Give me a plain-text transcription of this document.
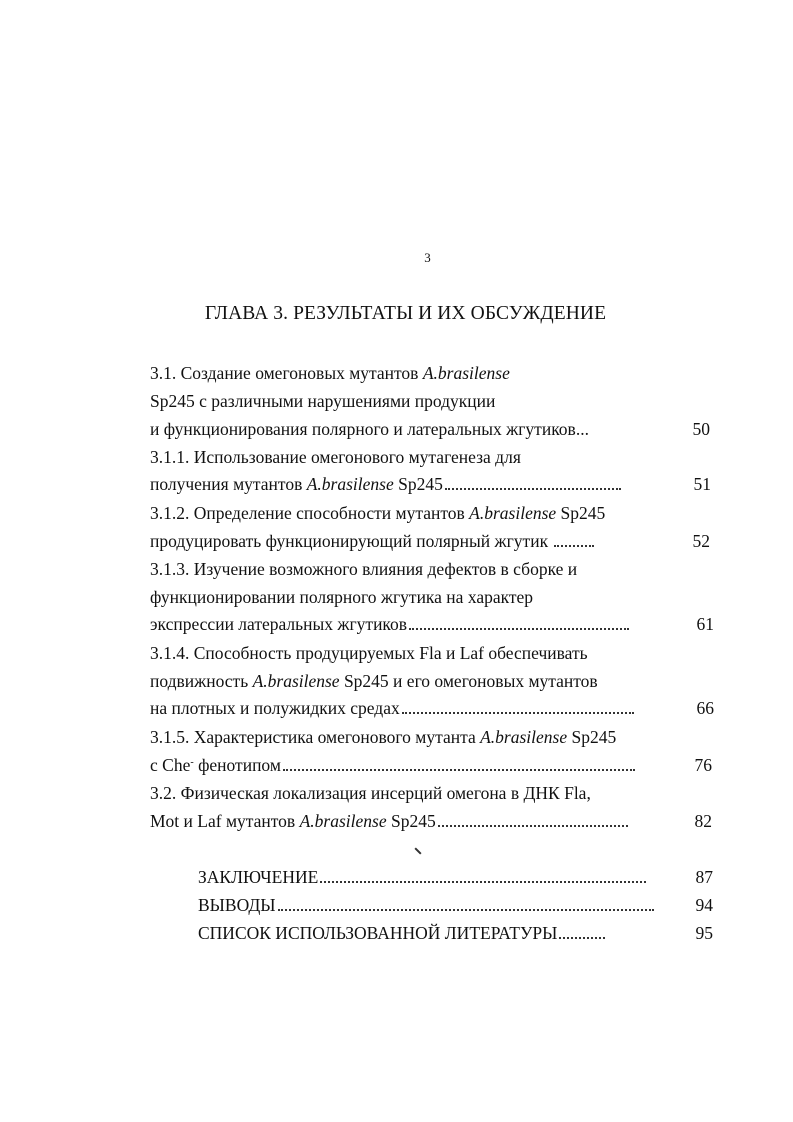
3
ГЛАВА 3. РЕЗУЛЬТАТЫ И ИХ ОБСУЖДЕНИЕ
3.1. Создание омегоновых мутантов A.brasilense
Sp245 с различными нарушениями продукции
и функционирования полярного и латеральных жгутиков...	50
3.1.1. Использование омегонового мутагенеза для
получения мутантов A.brasilense Sp245	51
3.1.2. Определение способности мутантов A.brasilense Sp245
продуцировать функционирующий полярный жгутик	52
3.1.3. Изучение возможного влияния дефектов в сборке и
функционировании полярного жгутика на характер
экспрессии латеральных жгутиков	61
3.1.4. Способность продуцируемых Fla и Laf обеспечивать
подвижность A.brasilense Sp245 и его омегоновых мутантов
на плотных и полужидких средах	66
3.1.5. Характеристика омегонового мутанта A.brasilense Sp245
с Che- фенотипом	76
3.2. Физическая локализация инсерций омегона в ДНК Fla,
Mot и Laf мутантов A.brasilense Sp245	82
ЗАКЛЮЧЕНИЕ	87
ВЫВОДЫ	94
СПИСОК ИСПОЛЬЗОВАННОЙ ЛИТЕРАТУРЫ	95
